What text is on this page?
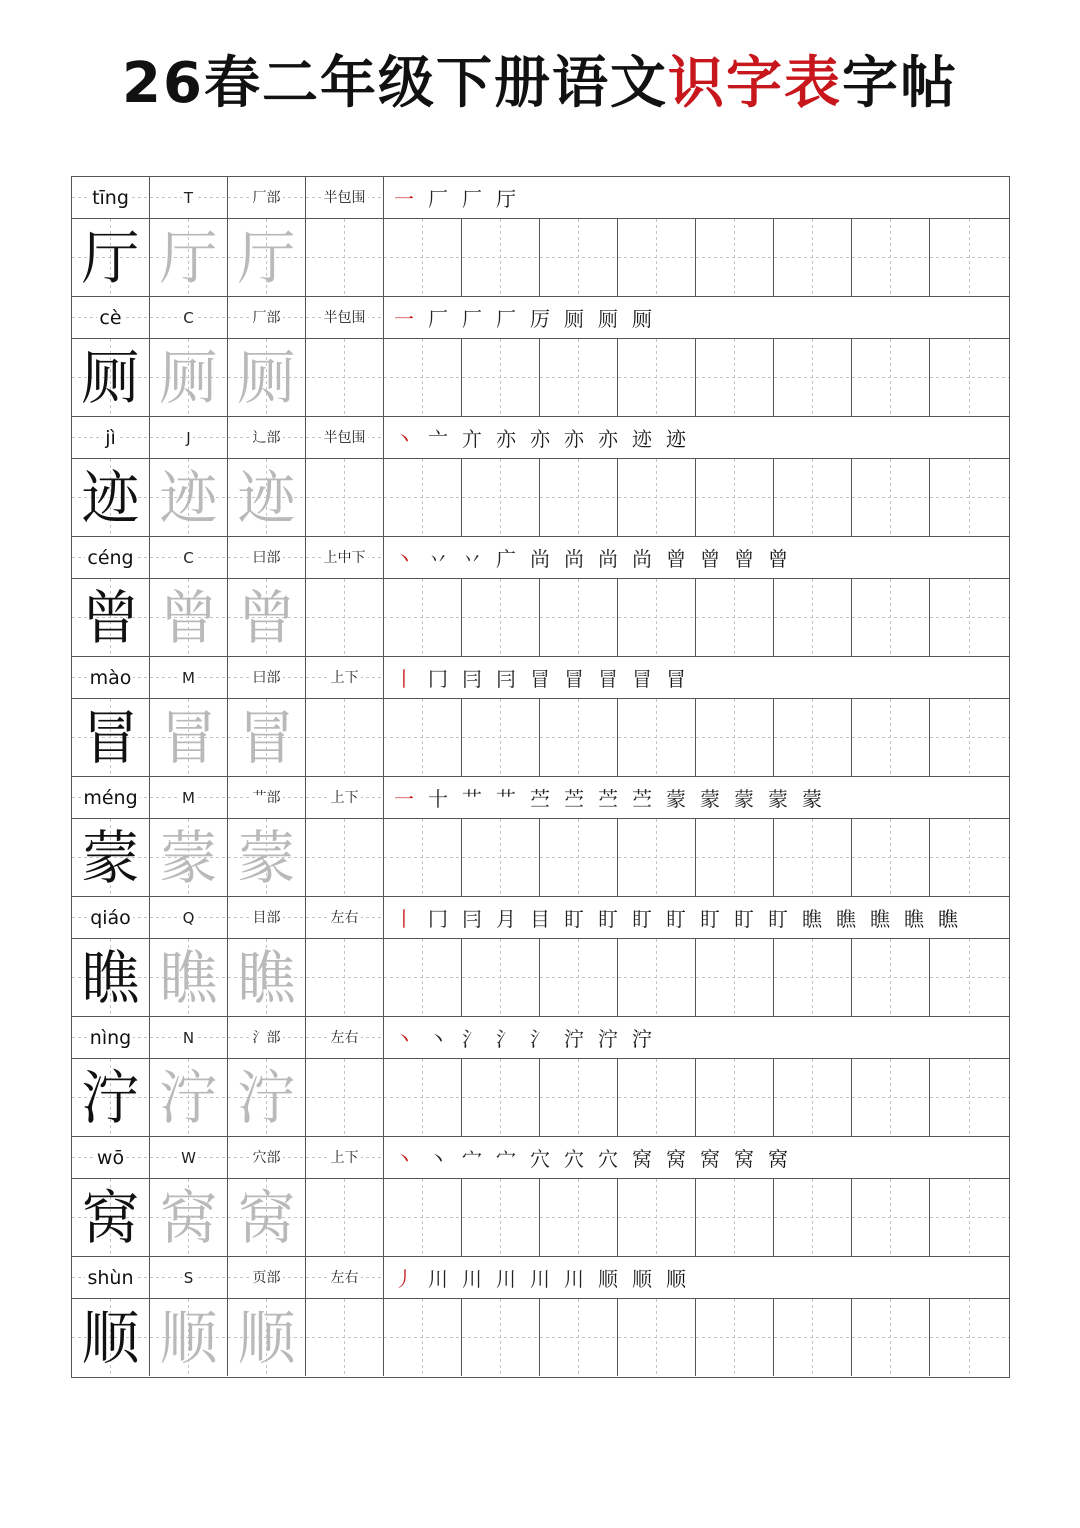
26春二年级下册语文识字表字帖
tīng	T	厂部	半包围 一 厂 厂 厅
厅 厅 厅
cè	C	厂部	半包围 一 厂 厂 厂 厉 厕 厕 厕
厕 厕 厕
jì	J	辶部	半包围 丶 亠 亣 亦 亦 亦 亦 迹 迹
迹 迹 迹
céng	C	曰部	上中下 丶 丷 丷 广 尚 尚 尚 尚 曾 曾 曾 曾
曾 曾 曾
mào	M	曰部	上下 丨 冂 冃 冃 冒 冒 冒 冒 冒
冒 冒 冒
méng	M	艹部	上下 一 十 艹 艹 苎 苎 苎 苎 蒙 蒙 蒙 蒙 蒙
蒙 蒙 蒙
qiáo	Q	目部	左右 丨 冂 冃 月 目 盯 盯 盯 盯 盯 盯 盯 瞧 瞧 瞧 瞧 瞧
瞧 瞧 瞧
nìng	N	氵部	左右 丶 丶 氵 氵 氵 泞 泞 泞
泞 泞 泞
wō	W	穴部	上下 丶 丶 宀 宀 穴 穴 穴 窝 窝 窝 窝 窝
窝 窝 窝
shùn	S	页部	左右 丿 川 川 川 川 川 顺 顺 顺
顺 顺 顺
